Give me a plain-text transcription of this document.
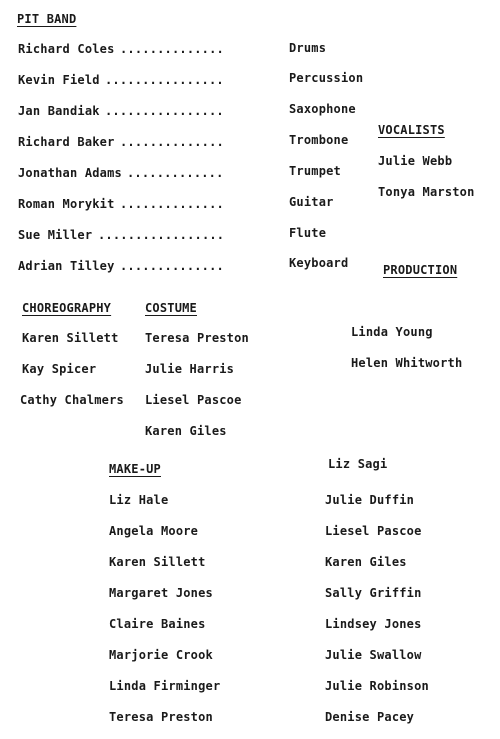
PIT BAND
Richard Coles ..............	Drums
Kevin Field ................	Percussion
Jan Bandiak ................	Saxophone
Richard Baker ..............	Trombone
Jonathan Adams .............	Trumpet
Roman Morykit ..............	Guitar
Sue Miller .................	Flute
Adrian Tilley ..............	Keyboard
VOCALISTS
Julie Webb
Tonya Marston
PRODUCTION
Linda Young
Helen Whitworth
CHOREOGRAPHY
Karen Sillett
Kay Spicer
Cathy Chalmers
COSTUME
Teresa Preston
Julie Harris
Liesel Pascoe
Karen Giles
MAKE-UP
Liz Hale
Angela Moore
Karen Sillett
Margaret Jones
Claire Baines
Marjorie Crook
Linda Firminger
Teresa Preston
Liz Sagi
Julie Duffin
Liesel Pascoe
Karen Giles
Sally Griffin
Lindsey Jones
Julie Swallow
Julie Robinson
Denise Pacey
